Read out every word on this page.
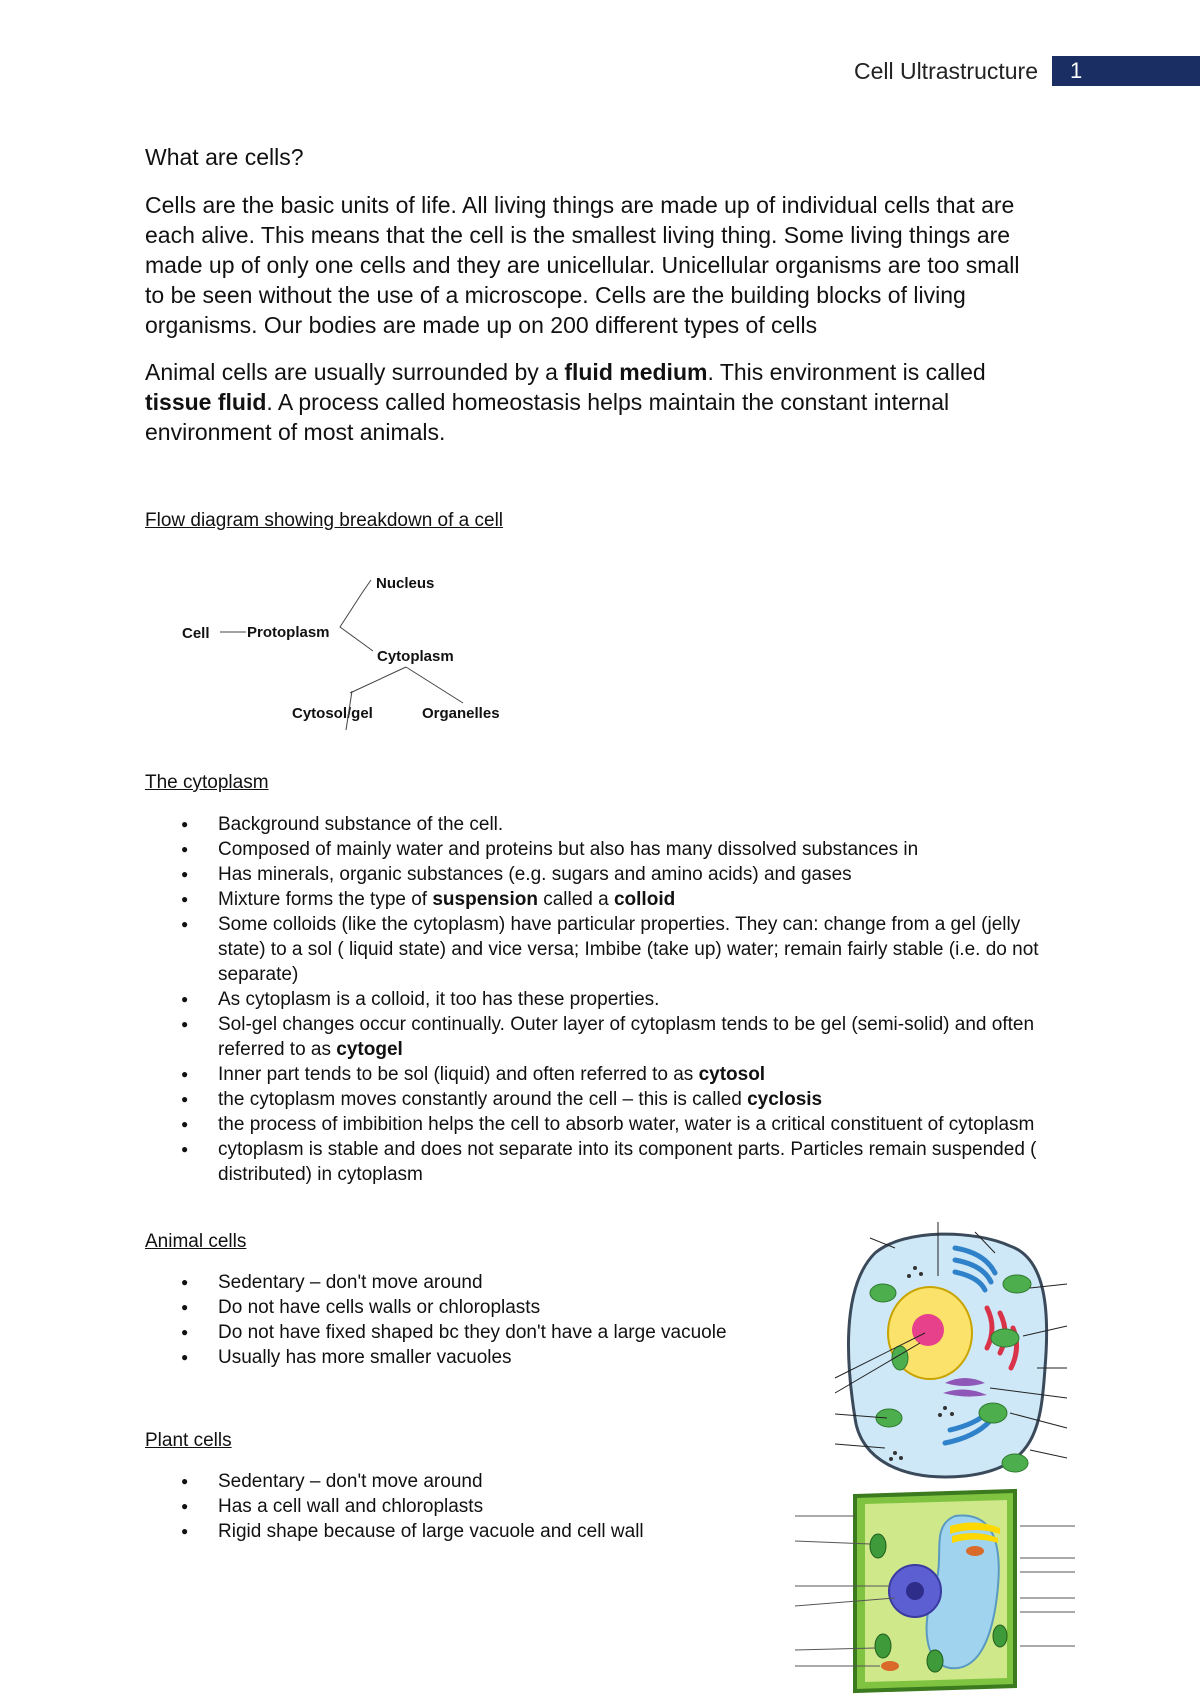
Cell Ultrastructure	1
What are cells?

Cells are the basic units of life. All living things are made up of individual cells that are each alive. This means that the cell is the smallest living thing. Some living things are made up of only one cells and they are unicellular. Unicellular organisms are too small to be seen without the use of a microscope. Cells are the building blocks of living organisms. Our bodies are made up on 200 different types of cells

Animal cells are usually surrounded by a fluid medium. This environment is called tissue fluid. A process called homeostasis helps maintain the constant internal environment of most animals.

Flow diagram showing breakdown of a cell
Cell Protoplasm
Nucleus
Cytoplasm
Cytosol/gel	Organelles
The cytoplasm
● Background substance of the cell.
● Composed of mainly water and proteins but also has many dissolved substances in
● Has minerals, organic substances (e.g. sugars and amino acids) and gases
● Mixture forms the type of suspension called a colloid
● Some colloids (like the cytoplasm) have particular properties. They can: change from a gel (jelly state) to a sol ( liquid state) and vice versa; Imbibe (take up) water; remain fairly stable (i.e. do not separate)
● As cytoplasm is a colloid, it too has these properties.
● Sol-gel changes occur continually. Outer layer of cytoplasm tends to be gel (semi-solid) and often referred to as cytogel
● Inner part tends to be sol (liquid) and often referred to as cytosol
● the cytoplasm moves constantly around the cell – this is called cyclosis
● the process of imbibition helps the cell to absorb water, water is a critical constituent of cytoplasm
● cytoplasm is stable and does not separate into its component parts. Particles remain suspended ( distributed) in cytoplasm
Animal cells
● Sedentary – don't move around
● Do not have cells walls or chloroplasts
● Do not have fixed shaped bc they don't have a large vacuole
● Usually has more smaller vacuoles
Plant cells
● Sedentary – don't move around
● Has a cell wall and chloroplasts
● Rigid shape because of large vacuole and cell wall
